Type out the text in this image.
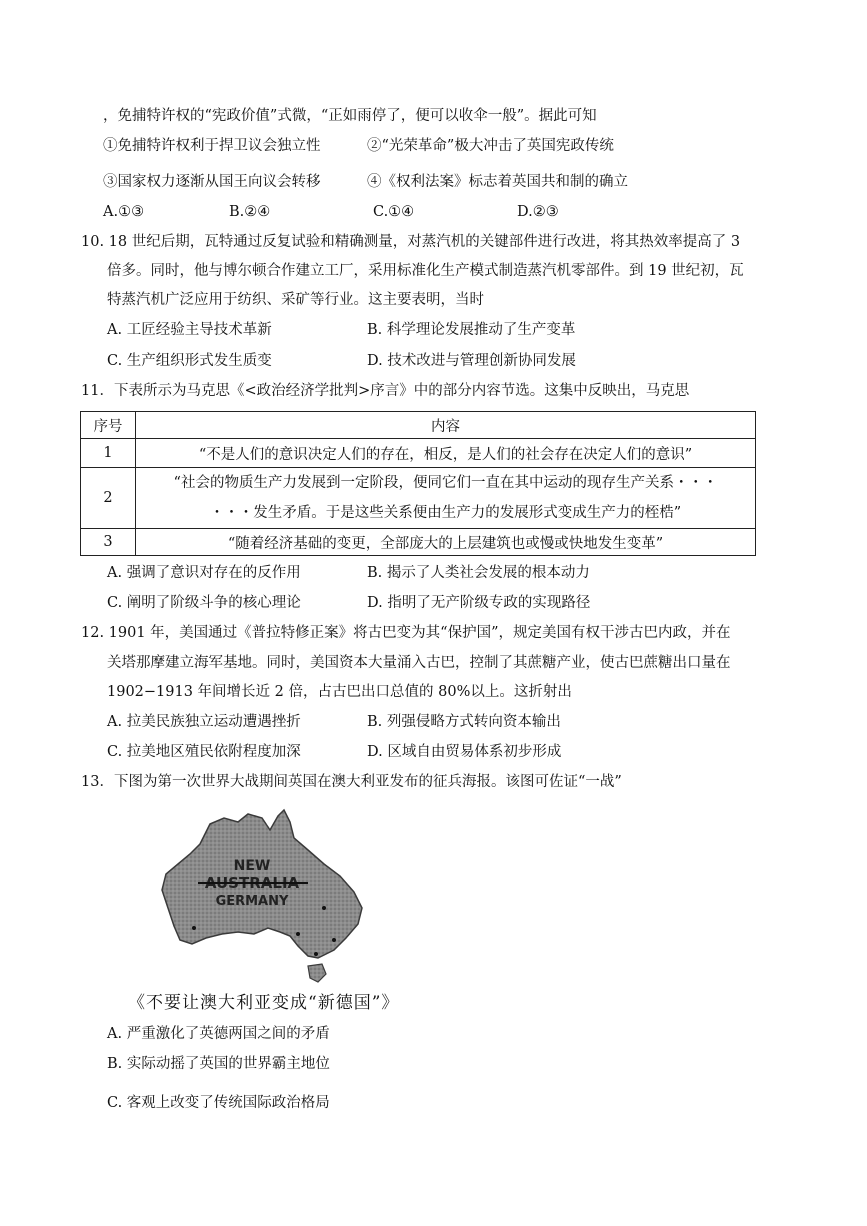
，免捕特许权的“宪政价值”式微，“正如雨停了，便可以收伞一般”。据此可知
①免捕特许权利于捍卫议会独立性	②“光荣革命”极大冲击了英国宪政传统
③国家权力逐渐从国王向议会转移	④《权利法案》标志着英国共和制的确立
A.①③	B.②④	C.①④	D.②③
10. 18 世纪后期，瓦特通过反复试验和精确测量，对蒸汽机的关键部件进行改进，将其热效率提高了 3
倍多。同时，他与博尔顿合作建立工厂，采用标准化生产模式制造蒸汽机零部件。到 19 世纪初，瓦
特蒸汽机广泛应用于纺织、采矿等行业。这主要表明，当时
A. 工匠经验主导技术革新	B. 科学理论发展推动了生产变革
C. 生产组织形式发生质变	D. 技术改进与管理创新协同发展
11．下表所示为马克思《<政治经济学批判>序言》中的部分内容节选。这集中反映出，马克思
序号	内容
1	“不是人们的意识决定人们的存在，相反，是人们的社会存在决定人们的意识”
2	“社会的物质生产力发展到一定阶段，便同它们一直在其中运动的现存生产关系・・・
・・・发生矛盾。于是这些关系便由生产力的发展形式变成生产力的桎梏”

3	“随着经济基础的变更，全部庞大的上层建筑也或慢或快地发生变革”
A. 强调了意识对存在的反作用	B. 揭示了人类社会发展的根本动力
C. 阐明了阶级斗争的核心理论	D. 指明了无产阶级专政的实现路径
12. 1901 年，美国通过《普拉特修正案》将古巴变为其“保护国”，规定美国有权干涉古巴内政，并在
关塔那摩建立海军基地。同时，美国资本大量涌入古巴，控制了其蔗糖产业，使古巴蔗糖出口量在
1902−1913 年间增长近 2 倍，占古巴出口总值的 80%以上。这折射出
A. 拉美民族独立运动遭遇挫折	B. 列强侵略方式转向资本输出
C. 拉美地区殖民依附程度加深	D. 区域自由贸易体系初步形成
13．下图为第一次世界大战期间英国在澳大利亚发布的征兵海报。该图可佐证“一战”
NEW
AUSTRALIA
GERMANY
《不要让澳大利亚变成“新德国”》
A. 严重激化了英德两国之间的矛盾
B. 实际动摇了英国的世界霸主地位
C. 客观上改变了传统国际政治格局
